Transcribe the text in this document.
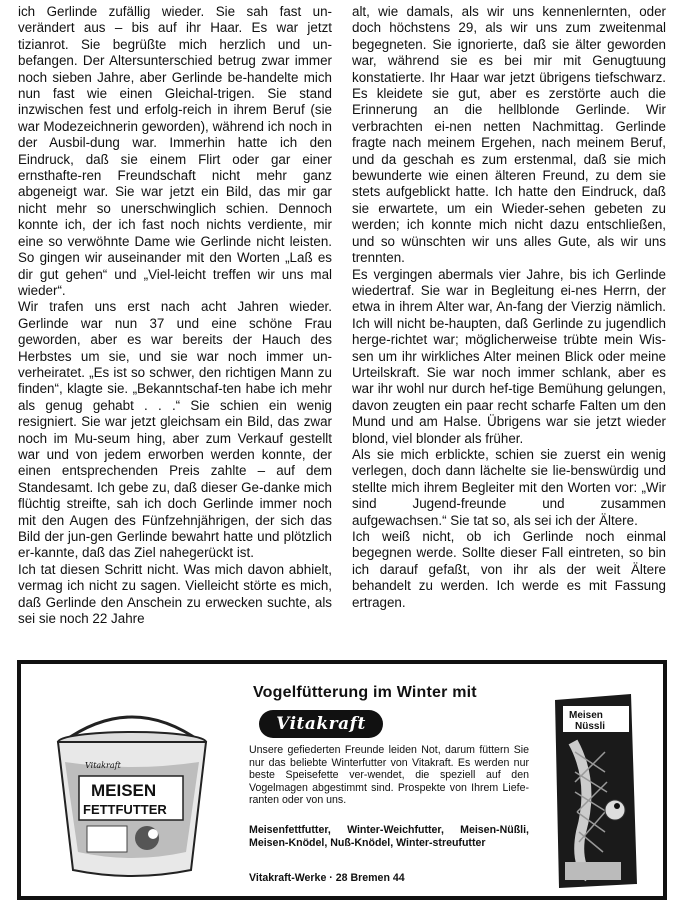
ich Gerlinde zufällig wieder. Sie sah fast un-verändert aus – bis auf ihr Haar. Es war jetzt tizianrot. Sie begrüßte mich herzlich und un-befangen. Der Altersunterschied betrug zwar immer noch sieben Jahre, aber Gerlinde be-handelte mich nun fast wie einen Gleichal-trigen. Sie stand inzwischen fest und erfolg-reich in ihrem Beruf (sie war Modezeichnerin geworden), während ich noch in der Ausbil-dung war. Immerhin hatte ich den Eindruck, daß sie einem Flirt oder gar einer ernsthafte-ren Freundschaft nicht mehr ganz abgeneigt war. Sie war jetzt ein Bild, das mir gar nicht mehr so unerschwinglich schien. Dennoch konnte ich, der ich fast noch nichts verdiente, mir eine so verwöhnte Dame wie Gerlinde nicht leisten. So gingen wir auseinander mit den Worten „Laß es dir gut gehen“ und „Viel-leicht treffen wir uns mal wieder“.

Wir trafen uns erst nach acht Jahren wieder. Gerlinde war nun 37 und eine schöne Frau geworden, aber es war bereits der Hauch des Herbstes um sie, und sie war noch immer un-verheiratet. „Es ist so schwer, den richtigen Mann zu finden“, klagte sie. „Bekanntschaf-ten habe ich mehr als genug gehabt . . .“ Sie schien ein wenig resigniert. Sie war jetzt gleichsam ein Bild, das zwar noch im Mu-seum hing, aber zum Verkauf gestellt war und von jedem erworben werden konnte, der einen entsprechenden Preis zahlte – auf dem Standesamt. Ich gebe zu, daß dieser Ge-danke mich flüchtig streifte, sah ich doch Gerlinde immer noch mit den Augen des Fünfzehnjährigen, der sich das Bild der jun-gen Gerlinde bewahrt hatte und plötzlich er-kannte, daß das Ziel nahegerückt ist.

Ich tat diesen Schritt nicht. Was mich davon abhielt, vermag ich nicht zu sagen. Vielleicht störte es mich, daß Gerlinde den Anschein zu erwecken suchte, als sei sie noch 22 Jahre

alt, wie damals, als wir uns kennenlernten, oder doch höchstens 29, als wir uns zum zweitenmal begegneten. Sie ignorierte, daß sie älter geworden war, während sie es bei mir mit Genugtuung konstatierte. Ihr Haar war jetzt übrigens tiefschwarz. Es kleidete sie gut, aber es zerstörte auch die Erinnerung an die hellblonde Gerlinde. Wir verbrachten ei-nen netten Nachmittag. Gerlinde fragte nach meinem Ergehen, nach meinem Beruf, und da geschah es zum erstenmal, daß sie mich bewunderte wie einen älteren Freund, zu dem sie stets aufgeblickt hatte. Ich hatte den Eindruck, daß sie erwartete, um ein Wieder-sehen gebeten zu werden; ich konnte mich nicht dazu entschließen, und so wünschten wir uns alles Gute, als wir uns trennten.

Es vergingen abermals vier Jahre, bis ich Gerlinde wiedertraf. Sie war in Begleitung ei-nes Herrn, der etwa in ihrem Alter war, An-fang der Vierzig nämlich. Ich will nicht be-haupten, daß Gerlinde zu jugendlich herge-richtet war; möglicherweise trübte mein Wis-sen um ihr wirkliches Alter meinen Blick oder meine Urteilskraft. Sie war noch immer schlank, aber es war ihr wohl nur durch hef-tige Bemühung gelungen, davon zeugten ein paar recht scharfe Falten um den Mund und am Halse. Übrigens war sie jetzt wieder blond, viel blonder als früher.

Als sie mich erblickte, schien sie zuerst ein wenig verlegen, doch dann lächelte sie lie-benswürdig und stellte mich ihrem Begleiter mit den Worten vor: „Wir sind Jugend-freunde und zusammen aufgewachsen.“ Sie tat so, als sei ich der Ältere.

Ich weiß nicht, ob ich Gerlinde noch einmal begegnen werde. Sollte dieser Fall eintreten, so bin ich darauf gefaßt, von ihr als der weit Ältere behandelt zu werden. Ich werde es mit Fassung ertragen.

Vitakraft
MEISEN
FETTFUTTER
Vogelfütterung im Winter mit
Vitakraft
Unsere gefiederten Freunde leiden Not, darum füttern Sie nur das beliebte Winterfutter von Vitakraft. Es werden nur beste Speisefette ver-wendet, die speziell auf den Vogelmagen abgestimmt sind. Prospekte von Ihrem Liefe-ranten oder von uns.
Meisenfettfutter, Winter-Weichfutter, Meisen-Nüßli, Meisen-Knödel, Nuß-Knödel, Winter-streufutter
Vitakraft-Werke · 28 Bremen 44
Meisen
Nüssli
